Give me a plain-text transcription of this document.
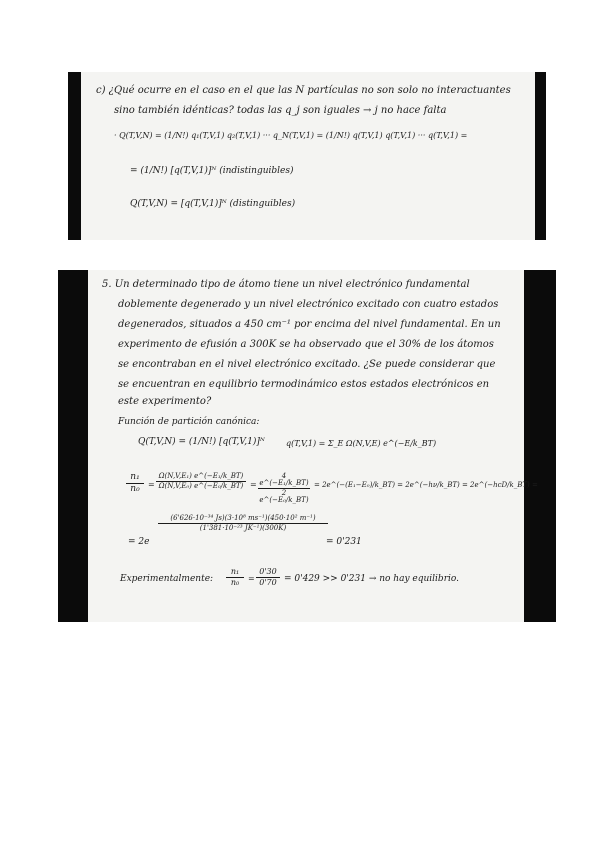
c) ¿Qué ocurre en el caso en el que las N partículas no son solo no interactuantes
sino también idénticas? todas las q_j son iguales → j no hace falta
· Q(T,V,N) = (1/N!) q₁(T,V,1) q₂(T,V,1) ··· q_N(T,V,1) = (1/N!) q(T,V,1) q(T,V,1) ··· q(T,V,1) =
= (1/N!) [q(T,V,1)]ᴺ (indistinguibles)
Q(T,V,N) = [q(T,V,1)]ᴺ (distinguibles)
5. Un determinado tipo de átomo tiene un nivel electrónico fundamental
doblemente degenerado y un nivel electrónico excitado con cuatro estados
degenerados, situados a 450 cm⁻¹ por encima del nivel fundamental. En un
experimento de efusión a 300K se ha observado que el 30% de los átomos
se encontraban en el nivel electrónico excitado. ¿Se puede considerar que
se encuentran en equilibrio termodinámico estos estados electrónicos en
este experimento?
Función de partición canónica:
Q(T,V,N) = (1/N!) [q(T,V,1)]ᴺ	q(T,V,1) = Σ_E Ω(N,V,E) e^(−E/k_BT)
$\frac{\text{n₁}}{\text{n₀}} = \frac{\text{Ω(N,V,E₁) e\textasciicircum{}(−E₁/k\_BT)}}{\text{Ω(N,V,E₀) e\textasciicircum{}(−E₀/k\_BT)}} = \frac{\text{4 e\textasciicircum{}(−E₁/k\_BT)}}{\text{2 e\textasciicircum{}(−E₀/k\_BT)}}$ = 2e^(−(E₁−E₀)/k_BT) = 2e^(−hν/k_BT) = 2e^(−hcD/k_BT) =
$\frac{\text{(6'626·10⁻³⁴ Js)(3·10⁸ ms⁻¹)(450·10² m⁻¹)}}{\text{(1'381·10⁻²³ JK⁻¹)(300K)}}$
= 2e	= 0'231
Experimentalmente: $\frac{\text{n₁}}{\text{n₀}} = \frac{0'30}{0'70} = 0'429 >> 0'231$ → no hay equilibrio.
